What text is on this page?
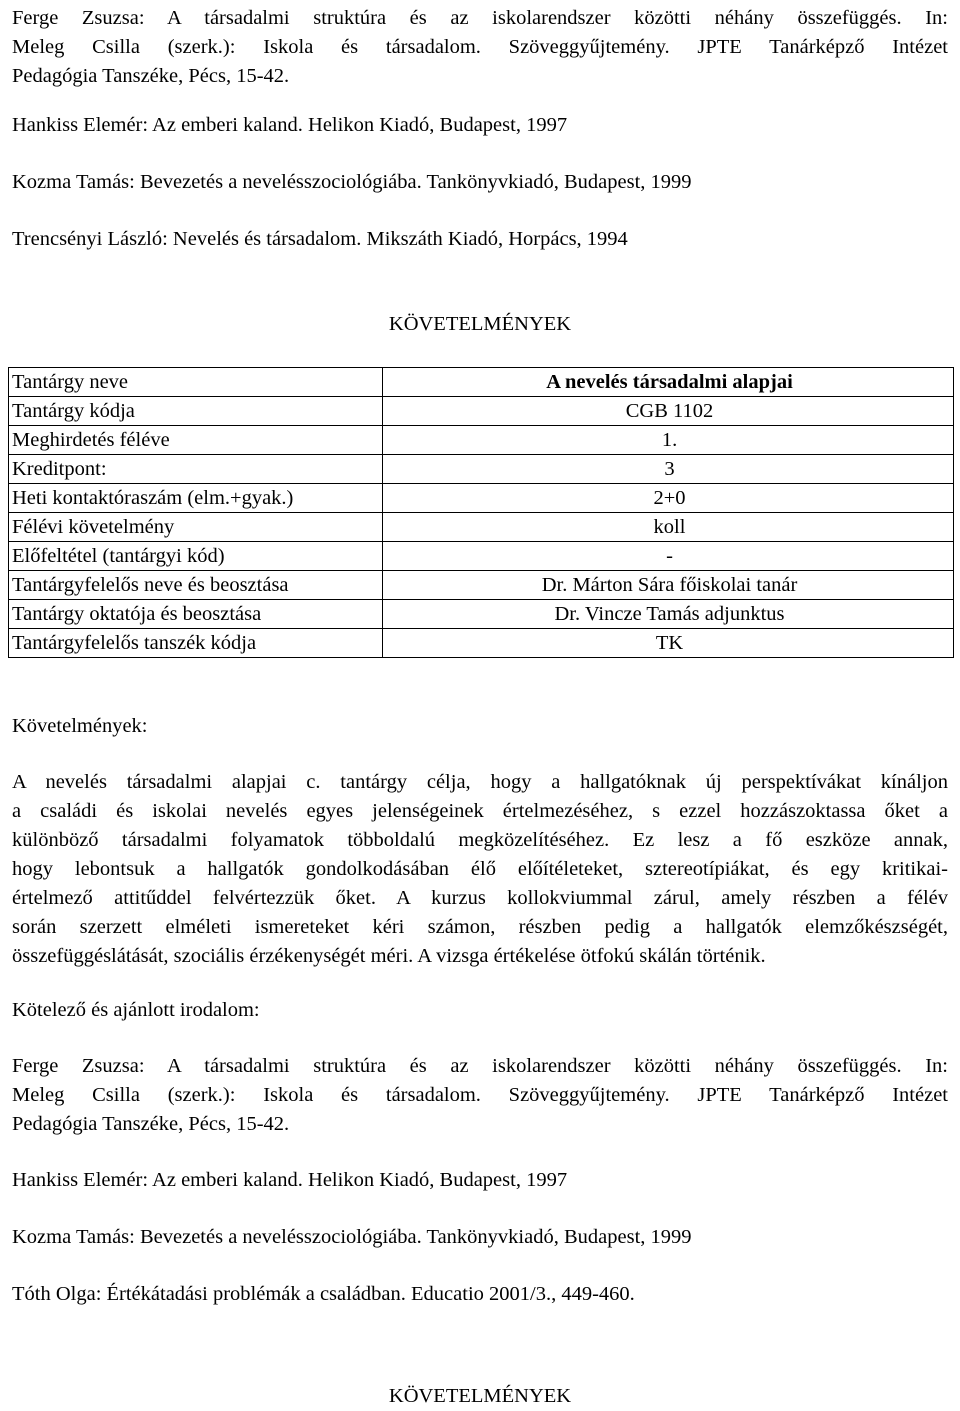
Ferge Zsuzsa: A társadalmi struktúra és az iskolarendszer közötti néhány összefüggés. In:
Meleg Csilla (szerk.): Iskola és társadalom. Szöveggyűjtemény. JPTE Tanárképző Intézet
Pedagógia Tanszéke, Pécs, 15-42.

Hankiss Elemér: Az emberi kaland. Helikon Kiadó, Budapest, 1997

Kozma Tamás: Bevezetés a nevelésszociológiába. Tankönyvkiadó, Budapest, 1999

Trencsényi László: Nevelés és társadalom. Mikszáth Kiadó, Horpács, 1994

KÖVETELMÉNYEK
Tantárgy neve	A nevelés társadalmi alapjai
Tantárgy kódja	CGB 1102
Meghirdetés féléve	1.
Kreditpont:	3
Heti kontaktóraszám (elm.+gyak.)	2+0
Félévi követelmény	koll
Előfeltétel (tantárgyi kód)	-
Tantárgyfelelős neve és beosztása	Dr. Márton Sára főiskolai tanár
Tantárgy oktatója és beosztása	Dr. Vincze Tamás adjunktus
Tantárgyfelelős tanszék kódja	TK
Követelmények:

A nevelés társadalmi alapjai c. tantárgy célja, hogy a hallgatóknak új perspektívákat kínáljon
a családi és iskolai nevelés egyes jelenségeinek értelmezéséhez, s ezzel hozzászoktassa őket a
különböző társadalmi folyamatok többoldalú megközelítéséhez. Ez lesz a fő eszköze annak,
hogy lebontsuk a hallgatók gondolkodásában élő előítéleteket, sztereotípiákat, és egy kritikai-
értelmező attitűddel felvértezzük őket. A kurzus kollokviummal zárul, amely részben a félév
során szerzett elméleti ismereteket kéri számon, részben pedig a hallgatók elemzőkészségét,
összefüggéslátását, szociális érzékenységét méri. A vizsga értékelése ötfokú skálán történik.

Kötelező és ajánlott irodalom:

Ferge Zsuzsa: A társadalmi struktúra és az iskolarendszer közötti néhány összefüggés. In:
Meleg Csilla (szerk.): Iskola és társadalom. Szöveggyűjtemény. JPTE Tanárképző Intézet
Pedagógia Tanszéke, Pécs, 15-42.

Hankiss Elemér: Az emberi kaland. Helikon Kiadó, Budapest, 1997

Kozma Tamás: Bevezetés a nevelésszociológiába. Tankönyvkiadó, Budapest, 1999

Tóth Olga: Értékátadási problémák a családban. Educatio 2001/3., 449-460.

KÖVETELMÉNYEK
